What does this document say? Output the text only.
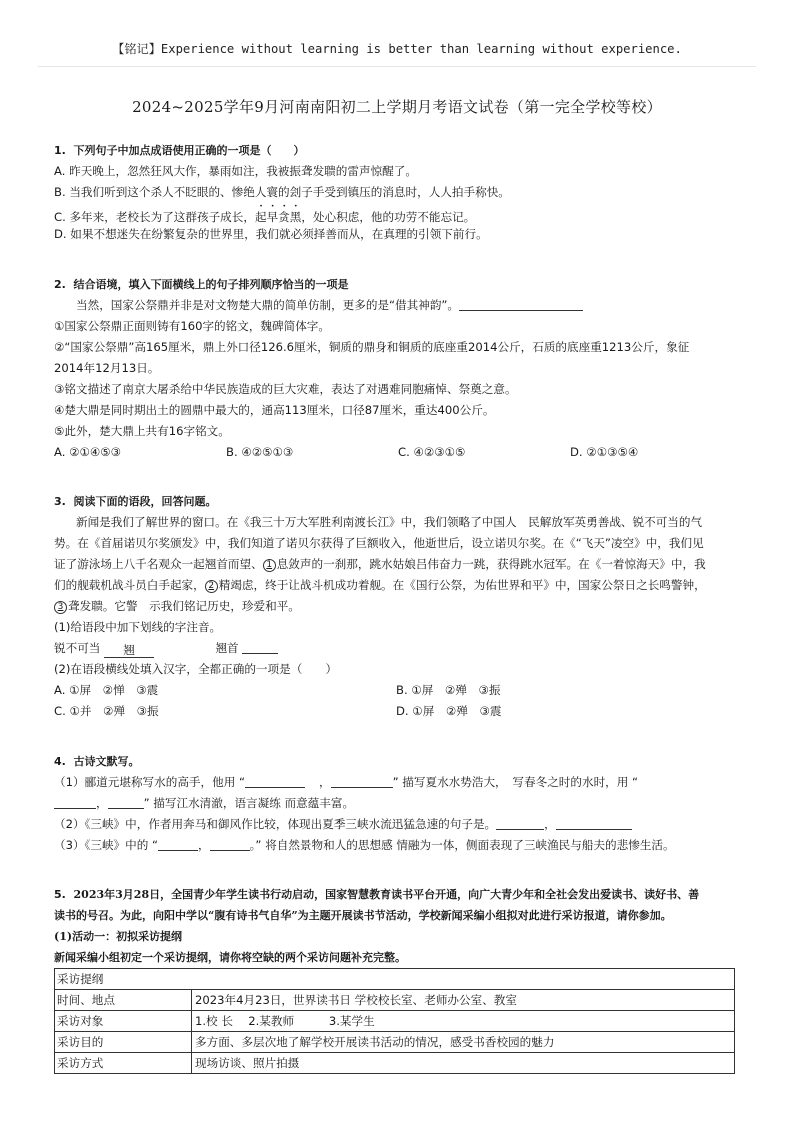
【铭记】Experience without learning is better than learning without experience.
2024~2025学年9月河南南阳初二上学期月考语文试卷（第一完全学校等校）
1. 下列句子中加点成语使用正确的一项是（　　）
A. 昨天晚上，忽然狂风大作，暴雨如注，我被振聋发聩的雷声惊醒了。
B. 当我们听到这个杀人不眨眼的、惨绝人寰的刽子手受到镇压的消息时，人人拍手称快。
C. 多年来，老校长为了这群孩子成长，起早贪黑，处心积虑，他的功劳不能忘记。
D. 如果不想迷失在纷繁复杂的世界里，我们就必须择善而从，在真理的引领下前行。
2. 结合语境，填入下面横线上的句子排列顺序恰当的一项是
当然，国家公祭鼎并非是对文物楚大鼎的简单仿制，更多的是“借其神韵”。
①国家公祭鼎正面则铸有160字的铭文，魏碑简体字。
②“国家公祭鼎”高165厘米，鼎上外口径126.6厘米，铜质的鼎身和铜质的底座重2014公斤，石质的底座重1213公斤，象征
2014年12月13日。
③铭文描述了南京大屠杀给中华民族造成的巨大灾难，表达了对遇难同胞痛悼、祭奠之意。
④楚大鼎是同时期出土的圆鼎中最大的，通高113厘米，口径87厘米，重达400公斤。
⑤此外，楚大鼎上共有16字铭文。
A. ②①④⑤③	B. ④②⑤①③	C. ④②③①⑤	D. ②①③⑤④
3. 阅读下面的语段，回答问题。
新闻是我们了解世界的窗口。在《我三十万大军胜利南渡长江》中，我们领略了中国人　民解放军英勇善战、锐不可当的气
势。在《首届诺贝尔奖颁发》中，我们知道了诺贝尔获得了巨额收入，他逝世后，设立诺贝尔奖。在《“飞天”凌空》中，我们见
证了游泳场上八千名观众一起翘首而望、 1 息敛声的一刹那，跳水姑娘吕伟奋力一跳，获得跳水冠军。在《一着惊海天》中，我
们的舰载机战斗员白手起家， 2 精竭虑，终于让战斗机成功着舰。在《国行公祭，为佑世界和平》中，国家公祭日之长鸣警钟，
3 聋发聩。它警　示我们铭记历史，珍爱和平。
(1)给语段中加下划线的字注音。
锐不可当 翘	翘首
(2)在语段横线处填入汉字，全都正确的一项是（　　）
A. ①屏　②惮　③震	B. ①屏　②殚　③振
C. ①并　②殚　③振	D. ①屏　②殚　③震
4. 古诗文默写。
（1）郦道元堪称写水的高手，他用 “	，	” 描写夏水水势浩大，　写春冬之时的水时，用 “
，	” 描写江水清澈，语言凝练 而意蕴丰富。
（2）《三峡》中，作者用奔马和御风作比较，体现出夏季三峡水流迅猛急速的句子是。	，
（3）《三峡》中的 “	，	。” 将自然景物和人的思想感 情融为一体，侧面表现了三峡渔民与船夫的悲惨生活。
5. 2023年3月28日，全国青少年学生读书行动启动，国家智慧教育读书平台开通，向广大青少年和全社会发出爱读书、读好书、善
读书的号召。为此，向阳中学以“腹有诗书气自华”为主题开展读书节活动，学校新闻采编小组拟对此进行采访报道，请你参加。
(1)活动一：初拟采访提纲
新闻采编小组初定一个采访提纲，请你将空缺的两个采访问题补充完整。
采访提纲	
时间、地点	2023年4月23日，世界读书日 学校校长室、老师办公室、教室
采访对象	1.校 长　 2.某教师　　　3.某学生
采访目的	多方面、多层次地了解学校开展读书活动的情况，感受书香校园的魅力
采访方式	现场访谈、照片拍摄
